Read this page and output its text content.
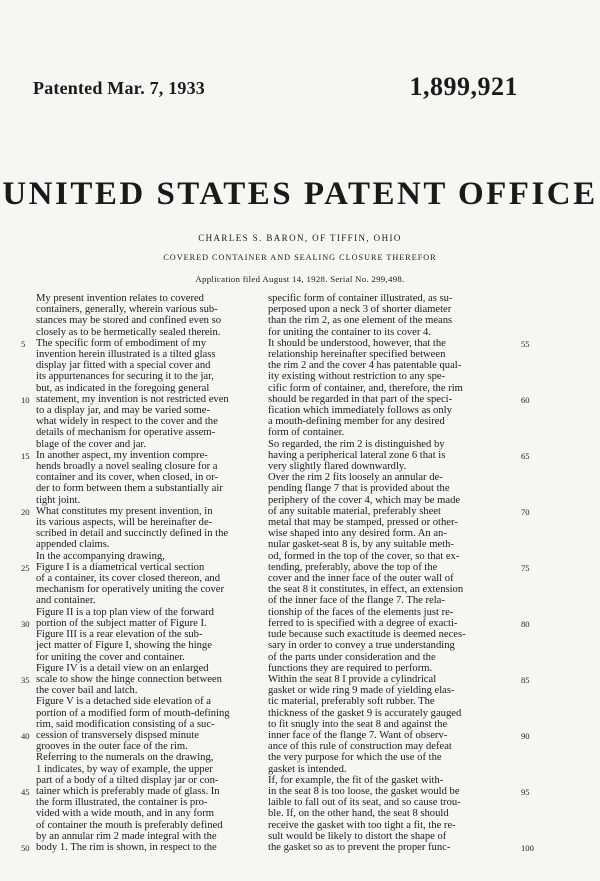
Patented Mar. 7, 1933	1,899,921
UNITED STATES PATENT OFFICE
CHARLES S. BARON, OF TIFFIN, OHIO
COVERED CONTAINER AND SEALING CLOSURE THEREFOR
Application filed August 14, 1928. Serial No. 299,498.

My present invention relates to covered

containers, generally, wherein various sub-

stances may be stored and confined even so

closely as to be hermetically sealed therein.

The specific form of embodiment of my

invention herein illustrated is a tilted glass

display jar fitted with a special cover and

its appurtenances for securing it to the jar,

but, as indicated in the foregoing general

statement, my invention is not restricted even

to a display jar, and may be varied some-

what widely in respect to the cover and the

details of mechanism for operative assem-

blage of the cover and jar.

In another aspect, my invention compre-

hends broadly a novel sealing closure for a

container and its cover, when closed, in or-

der to form between them a substantially air

tight joint.

What constitutes my present invention, in

its various aspects, will be hereinafter de-

scribed in detail and succinctly defined in the

appended claims.

In the accompanying drawing,

Figure I is a diametrical vertical section

of a container, its cover closed thereon, and

mechanism for operatively uniting the cover

and container.

Figure II is a top plan view of the forward

portion of the subject matter of Figure I.

Figure III is a rear elevation of the sub-

ject matter of Figure I, showing the hinge

for uniting the cover and container.

Figure IV is a detail view on an enlarged

scale to show the hinge connection between

the cover bail and latch.

Figure V is a detached side elevation of a

portion of a modified form of mouth-defining

rim, said modification consisting of a suc-

cession of transversely dispsed minute

grooves in the outer face of the rim.

Referring to the numerals on the drawing,

1 indicates, by way of example, the upper

part of a body of a tilted display jar or con-

tainer which is preferably made of glass. In

the form illustrated, the container is pro-

vided with a wide mouth, and in any form

of container the mouth is preferably defined

by an annular rim 2 made integral with the

body 1. The rim is shown, in respect to the

specific form of container illustrated, as su-

perposed upon a neck 3 of shorter diameter

than the rim 2, as one element of the means

for uniting the container to its cover 4.

It should be understood, however, that the

relationship hereinafter specified between

the rim 2 and the cover 4 has patentable qual-

ity existing without restriction to any spe-

cific form of container, and, therefore, the rim

should be regarded in that part of the speci-

fication which immediately follows as only

a mouth-defining member for any desired

form of container.

So regarded, the rim 2 is distinguished by

having a peripherical lateral zone 6 that is

very slightly flared downwardly.

Over the rim 2 fits loosely an annular de-

pending flange 7 that is provided about the

periphery of the cover 4, which may be made

of any suitable material, preferably sheet

metal that may be stamped, pressed or other-

wise shaped into any desired form. An an-

nular gasket-seat 8 is, by any suitable meth-

od, formed in the top of the cover, so that ex-

tending, preferably, above the top of the

cover and the inner face of the outer wall of

the seat 8 it constitutes, in effect, an extension

of the inner face of the flange 7. The rela-

tionship of the faces of the elements just re-

ferred to is specified with a degree of exacti-

tude because such exactitude is deemed neces-

sary in order to convey a true understanding

of the parts under consideration and the

functions they are required to perform.

Within the seat 8 I provide a cylindrical

gasket or wide ring 9 made of yielding elas-

tic material, preferably soft rubber. The

thickness of the gasket 9 is accurately gauged

to fit snugly into the seat 8 and against the

inner face of the flange 7. Want of observ-

ance of this rule of construction may defeat

the very purpose for which the use of the

gasket is intended.

If, for example, the fit of the gasket with-

in the seat 8 is too loose, the gasket would be

laible to fall out of its seat, and so cause trou-

ble. If, on the other hand, the seat 8 should

receive the gasket with too tight a fit, the re-

sult would be likely to distort the shape of

the gasket so as to prevent the proper func-

5
10
15
20
25
30
35
40
45
50
55
60
65
70
75
80
85
90
95
100
